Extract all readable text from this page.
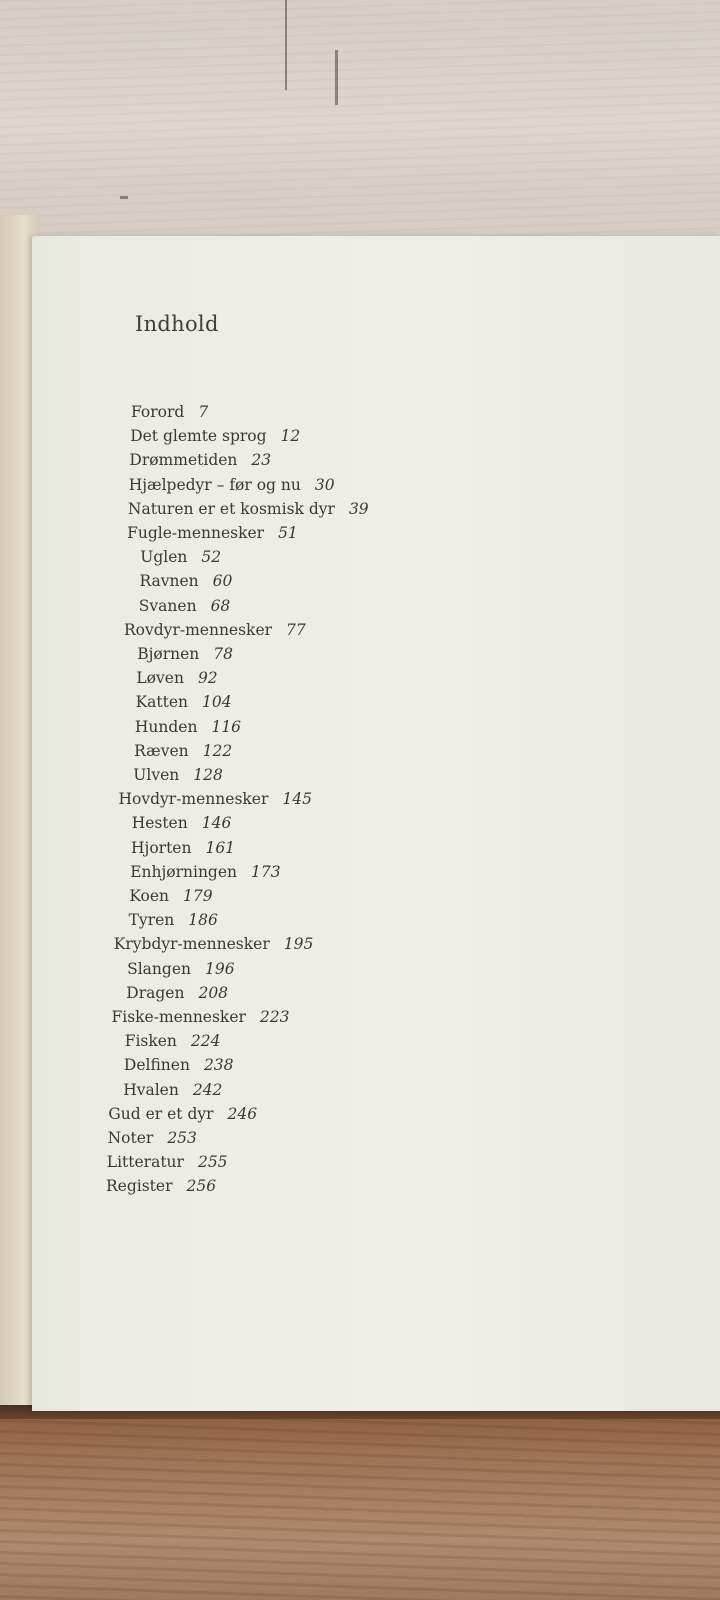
Indhold
Forord 7
Det glemte sprog 12
Drømmetiden 23
Hjælpedyr – før og nu 30
Naturen er et kosmisk dyr 39
Fugle-mennesker 51
Uglen 52
Ravnen 60
Svanen 68
Rovdyr-mennesker 77
Bjørnen 78
Løven 92
Katten 104
Hunden 116
Ræven 122
Ulven 128
Hovdyr-mennesker 145
Hesten 146
Hjorten 161
Enhjørningen 173
Koen 179
Tyren 186
Krybdyr-mennesker 195
Slangen 196
Dragen 208
Fiske-mennesker 223
Fisken 224
Delfinen 238
Hvalen 242
Gud er et dyr 246
Noter 253
Litteratur 255
Register 256
